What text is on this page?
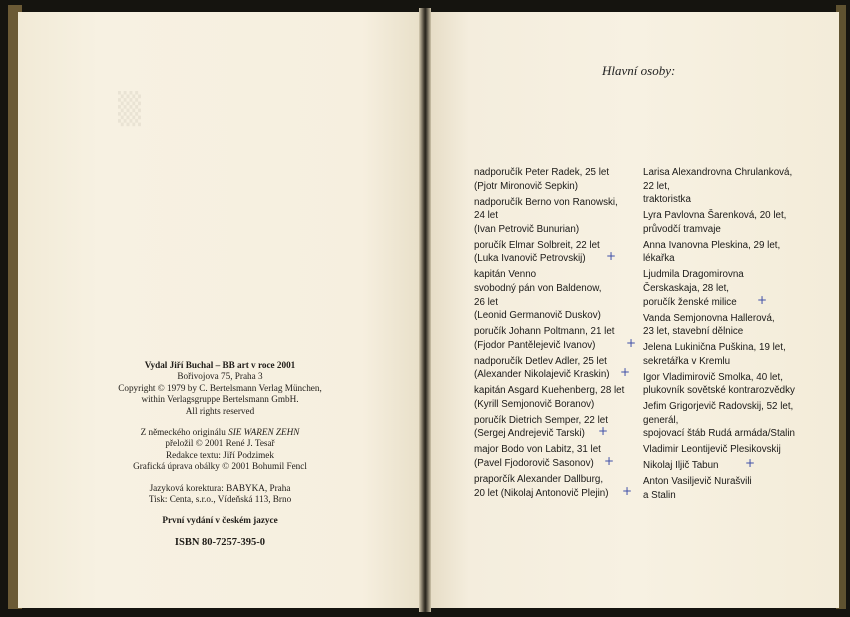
▒
Vydal Jiří Buchal – BB art v roce 2001
Bořivojova 75, Praha 3
Copyright © 1979 by C. Bertelsmann Verlag München,
within Verlagsgruppe Bertelsmann GmbH.
All rights reserved
Z německého originálu SIE WAREN ZEHN
přeložil © 2001 René J. Tesař
Redakce textu: Jiří Podzimek
Grafická úprava obálky © 2001 Bohumil Fencl
Jazyková korektura: BABYKA, Praha
Tisk: Centa, s.r.o., Vídeňská 113, Brno
První vydání v českém jazyce
ISBN 80-7257-395-0
Hlavní osoby:
nadporučík Peter Radek, 25 let
(Pjotr Mironovič Sepkin)
nadporučík Berno von Ranowski,
24 let
(Ivan Petrovič Bunurian)
poručík Elmar Solbreit, 22 let
(Luka Ivanovič Petrovskij) +
kapitán Venno
svobodný pán von Baldenow,
26 let
(Leonid Germanovič Duskov)
poručík Johann Poltmann, 21 let
(Fjodor Pantělejevič Ivanov)	+
nadporučík Detlev Adler, 25 let
(Alexander Nikolajevič Kraskin) +
kapitán Asgard Kuehenberg, 28 let
(Kyrill Semjonovič Boranov)
poručík Dietrich Semper, 22 let
(Sergej Andrejevič Tarski) +
major Bodo von Labitz, 31 let
(Pavel Fjodorovič Sasonov) +
praporčík Alexander Dallburg,
20 let (Nikolaj Antonovič Plejin) +
Larisa Alexandrovna Chrulanková,
22 let,
traktoristka
Lyra Pavlovna Šarenková, 20 let,
průvodčí tramvaje
Anna Ivanovna Pleskina, 29 let,
lékařka
Ljudmila Dragomirovna
Čerskaskaja, 28 let,
poručík ženské milice +
Vanda Semjonovna Hallerová,
23 let, stavební dělnice
Jelena Lukinična Puškina, 19 let,
sekretářka v Kremlu
Igor Vladimirovič Smolka, 40 let,
plukovník sovětské kontrarozvědky
Jefim Grigorjevič Radovskij, 52 let,
generál,
spojovací štáb Rudá armáda/Stalin
Vladimir Leontijevič Plesikovskij
Nikolaj Iljič Tabun +
Anton Vasiljevič Nurašvili
a Stalin
